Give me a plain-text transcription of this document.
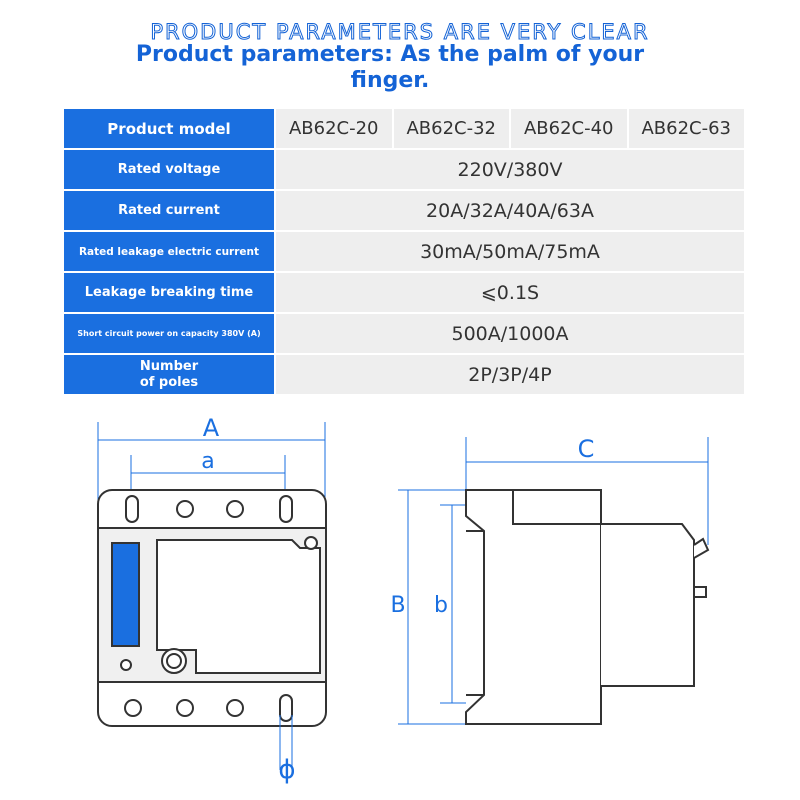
PRODUCT PARAMETERS ARE VERY CLEAR
Product parameters: As the palm of your finger.
Product model	AB62C-20	AB62C-32	AB62C-40	AB62C-63
Rated voltage	220V/380V			
Rated current	20A/32A/40A/63A			
Rated leakage electric current	30mA/50mA/75mA			
Leakage breaking time	⩽0.1S			
Short circuit power on capacity 380V (A)	500A/1000A			
Number
of poles	2P/3P/4P			
A
a
ϕ
C
B b
